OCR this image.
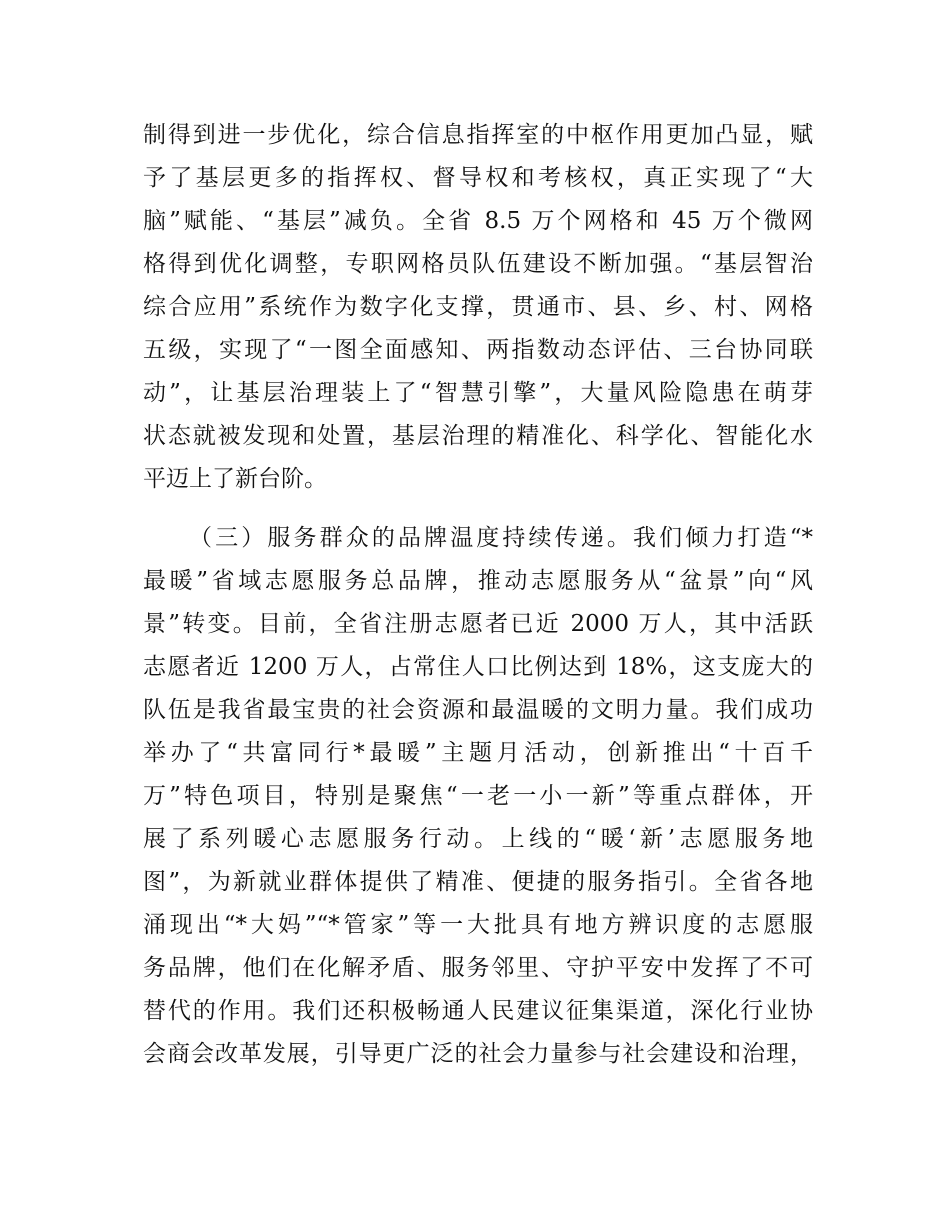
制得到进一步优化，综合信息指挥室的中枢作用更加凸显，赋
予了基层更多的指挥权、督导权和考核权，真正实现了“大
脑”赋能、“基层”减负。全省 8.5 万个网格和 45 万个微网
格得到优化调整，专职网格员队伍建设不断加强。“基层智治
综合应用”系统作为数字化支撑，贯通市、县、乡、村、网格
五级，实现了“一图全面感知、两指数动态评估、三台协同联
动”，让基层治理装上了“智慧引擎”，大量风险隐患在萌芽
状态就被发现和处置，基层治理的精准化、科学化、智能化水
平迈上了新台阶。
（三）服务群众的品牌温度持续传递。我们倾力打造“*
最暖”省域志愿服务总品牌，推动志愿服务从“盆景”向“风
景”转变。目前，全省注册志愿者已近 2000 万人，其中活跃
志愿者近 1200 万人，占常住人口比例达到 18%，这支庞大的
队伍是我省最宝贵的社会资源和最温暖的文明力量。我们成功
举办了“共富同行*最暖”主题月活动，创新推出“十百千
万”特色项目，特别是聚焦“一老一小一新”等重点群体，开
展了系列暖心志愿服务行动。上线的“暖‘新’志愿服务地
图”，为新就业群体提供了精准、便捷的服务指引。全省各地
涌现出“*大妈”“*管家”等一大批具有地方辨识度的志愿服
务品牌，他们在化解矛盾、服务邻里、守护平安中发挥了不可
替代的作用。我们还积极畅通人民建议征集渠道，深化行业协
会商会改革发展，引导更广泛的社会力量参与社会建设和治理，
